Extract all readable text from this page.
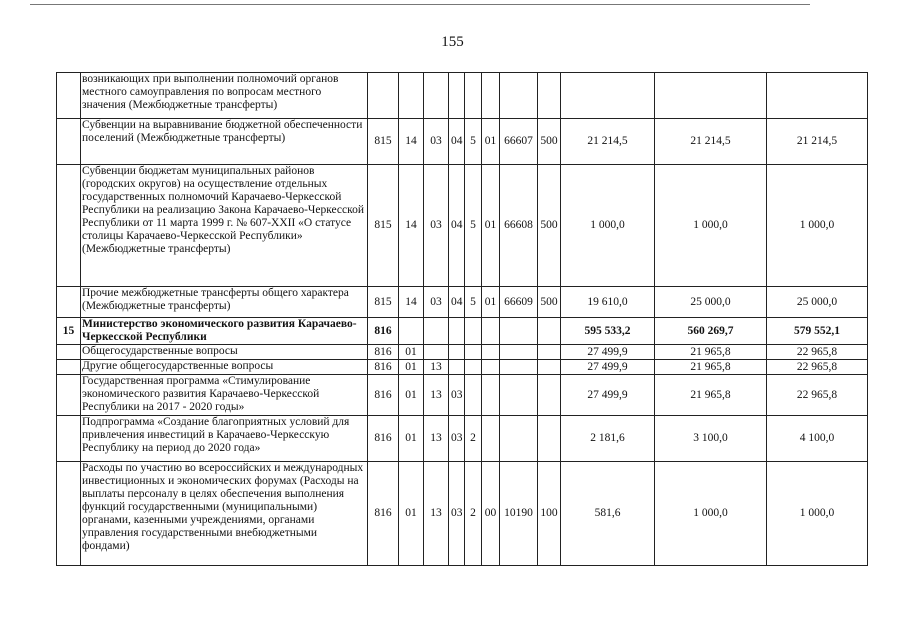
155
	возникающих при выполнении полномочий органов местного самоуправления по вопросам местного значения (Межбюджетные трансферты)											
	Субвенции на выравнивание бюджетной обеспеченности поселений (Межбюджетные трансферты)	815	14	03	04	5	01	66607	500	21 214,5	21 214,5	21 214,5
	Субвенции бюджетам муниципальных районов (городских округов) на осуществление отдельных государственных полномочий Карачаево-Черкесской Республики на реализацию Закона Карачаево-Черкесской Республики от 11 марта 1999 г. № 607-XXII «О статусе столицы Карачаево-Черкесской Республики» (Межбюджетные трансферты)	815	14	03	04	5	01	66608	500	1 000,0	1 000,0	1 000,0
	Прочие межбюджетные трансферты общего характера (Межбюджетные трансферты)	815	14	03	04	5	01	66609	500	19 610,0	25 000,0	25 000,0
15	Министерство экономического развития Карачаево-Черкесской Республики	816								595 533,2	560 269,7	579 552,1
	Общегосударственные вопросы	816	01							27 499,9	21 965,8	22 965,8
	Другие общегосударственные вопросы	816	01	13						27 499,9	21 965,8	22 965,8
	Государственная программа «Стимулирование экономического развития Карачаево-Черкесской Республики на 2017 - 2020 годы»	816	01	13	03					27 499,9	21 965,8	22 965,8
	Подпрограмма «Создание благоприятных условий для привлечения инвестиций в Карачаево-Черкесскую Республику на период до 2020 года»	816	01	13	03	2				2 181,6	3 100,0	4 100,0
	Расходы по участию во всероссийских и международных инвестиционных и экономических форумах (Расходы на выплаты персоналу в целях обеспечения выполнения функций государственными (муниципальными) органами, казенными учреждениями, органами управления государственными внебюджетными фондами)	816	01	13	03	2	00	10190	100	581,6	1 000,0	1 000,0
